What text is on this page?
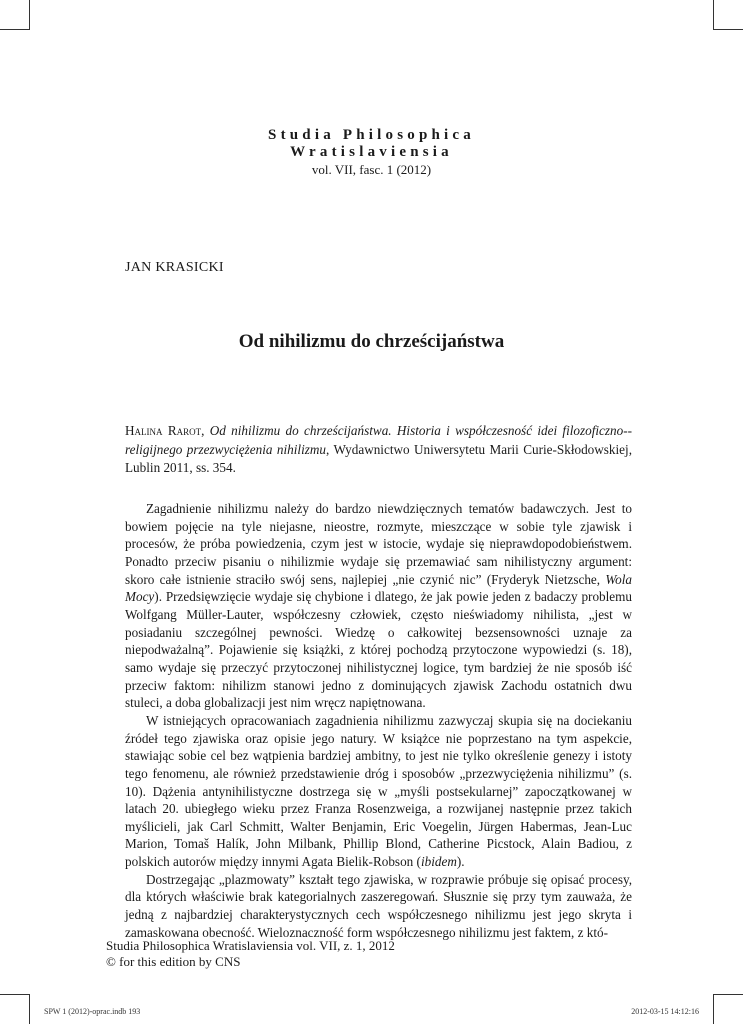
Studia Philosophica
Wratislaviensia
vol. VII, fasc. 1 (2012)
JAN KRASICKI
Od nihilizmu do chrześcijaństwa
Halina Rarot, Od nihilizmu do chrześcijaństwa. Historia i współczesność idei filozoficzno--religijnego przezwyciężenia nihilizmu, Wydawnictwo Uniwersytetu Marii Curie-Skłodowskiej, Lublin 2011, ss. 354.

Zagadnienie nihilizmu należy do bardzo niewdzięcznych tematów badawczych. Jest to bowiem pojęcie na tyle niejasne, nieostre, rozmyte, mieszczące w sobie tyle zjawisk i procesów, że próba powiedzenia, czym jest w istocie, wydaje się nieprawdopodobieństwem. Ponadto przeciw pisaniu o nihilizmie wydaje się przemawiać sam nihilistyczny argument: skoro całe istnienie straciło swój sens, najlepiej „nie czynić nic” (Fryderyk Nietzsche, Wola Mocy). Przedsięwzięcie wydaje się chybione i dlatego, że jak powie jeden z badaczy problemu Wolfgang Müller-Lauter, współczesny człowiek, często nieświadomy nihilista, „jest w posiadaniu szczególnej pewności. Wiedzę o całkowitej bezsensowności uznaje za niepodważalną”. Pojawienie się książki, z której pochodzą przytoczone wypowiedzi (s. 18), samo wydaje się przeczyć przytoczonej nihilistycznej logice, tym bardziej że nie sposób iść przeciw faktom: nihilizm stanowi jedno z dominujących zjawisk Zachodu ostatnich dwu stuleci, a doba globalizacji jest nim wręcz napiętnowana.

W istniejących opracowaniach zagadnienia nihilizmu zazwyczaj skupia się na dociekaniu źródeł tego zjawiska oraz opisie jego natury. W książce nie poprzestano na tym aspekcie, stawiając sobie cel bez wątpienia bardziej ambitny, to jest nie tylko określenie genezy i istoty tego fenomenu, ale również przedstawienie dróg i sposobów „przezwyciężenia nihilizmu” (s. 10). Dążenia antynihilistyczne dostrzega się w „myśli postsekularnej” zapoczątkowanej w latach 20. ubiegłego wieku przez Franza Rosenzweiga, a rozwijanej następnie przez takich myślicieli, jak Carl Schmitt, Walter Benjamin, Eric Voegelin, Jürgen Habermas, Jean-Luc Marion, Tomaš Halík, John Milbank, Phillip Blond, Catherine Picstock, Alain Badiou, z polskich autorów między innymi Agata Bielik-Robson (ibidem).

Dostrzegając „plazmowaty” kształt tego zjawiska, w rozprawie próbuje się opisać procesy, dla których właściwie brak kategorialnych zaszeregowań. Słusznie się przy tym zauważa, że jedną z najbardziej charakterystycznych cech współczesnego nihilizmu jest jego skryta i zamaskowana obecność. Wieloznaczność form współczesnego nihilizmu jest faktem, z któ-

Studia Philosophica Wratislaviensia vol. VII, z. 1, 2012
© for this edition by CNS
SPW 1 (2012)-oprac.indb 193	2012-03-15 14:12:16
